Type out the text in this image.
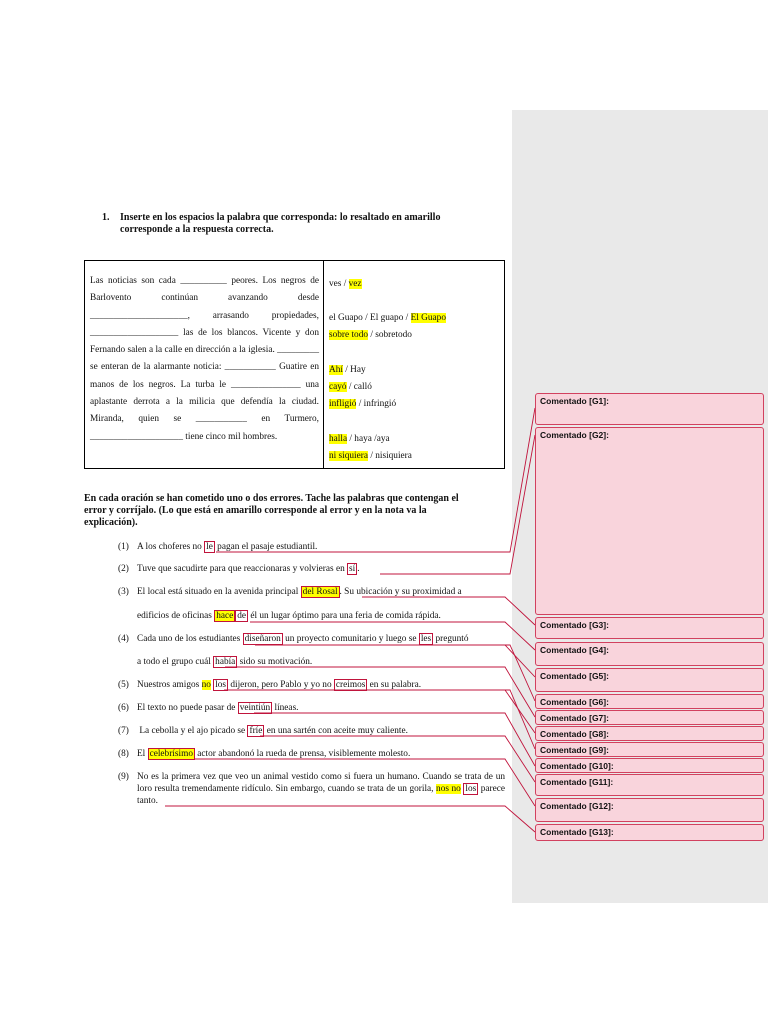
1. Inserte en los espacios la palabra que corresponda: lo resaltado en amarillo
corresponde a la respuesta correcta.
Las noticias son cada __________ peores. Los negros de Barlovento continúan avanzando desde _____________________, arrasando propiedades, ___________________ las de los blancos. Vicente y don Fernando salen a la calle en dirección a la iglesia. _________ se enteran de la alarmante noticia: ___________ Guatire en manos de los negros. La turba le _______________ una aplastante derrota a la milicia que defendía la ciudad. Miranda, quien se ___________ en Turmero, ____________________ tiene cinco mil hombres.

ves / vez
el Guapo / El guapo / El Guapo
sobre todo / sobretodo
Ahí / Hay
cayó / calló
infligió / infringió
halla / haya /aya
ni siquiera / nisiquiera
En cada oración se han cometido uno o dos errores. Tache las palabras que contengan el
error y corríjalo. (Lo que está en amarillo corresponde al error y en la nota va la
explicación).
(1) A los choferes no le pagan el pasaje estudiantil.
(2) Tuve que sacudirte para que reaccionaras y volvieras en sí .
(3) El local está situado en la avenida principal del Rosal . Su ubicación y su proximidad a
edificios de oficinas hace de él un lugar óptimo para una feria de comida rápida.
(4) Cada uno de los estudiantes diseñaron un proyecto comunitario y luego se les preguntó
a todo el grupo cuál había sido su motivación.
(5) Nuestros amigos no los dijeron, pero Pablo y yo no creimos en su palabra.
(6) El texto no puede pasar de veintiún líneas.
(7) La cebolla y el ajo picado se fríe en una sartén con aceite muy caliente.
(8) El celebrísimo actor abandonó la rueda de prensa, visiblemente molesto.
(9) No es la primera vez que veo un animal vestido como si fuera un humano. Cuando se trata de un loro resulta tremendamente ridículo. Sin embargo, cuando se trata de un gorila, nos no los parece tanto.
Comentado [G1]:
Comentado [G2]:
Comentado [G3]:
Comentado [G4]:
Comentado [G5]:
Comentado [G6]:
Comentado [G7]:
Comentado [G8]:
Comentado [G9]:
Comentado [G10]:
Comentado [G11]:
Comentado [G12]:
Comentado [G13]:
